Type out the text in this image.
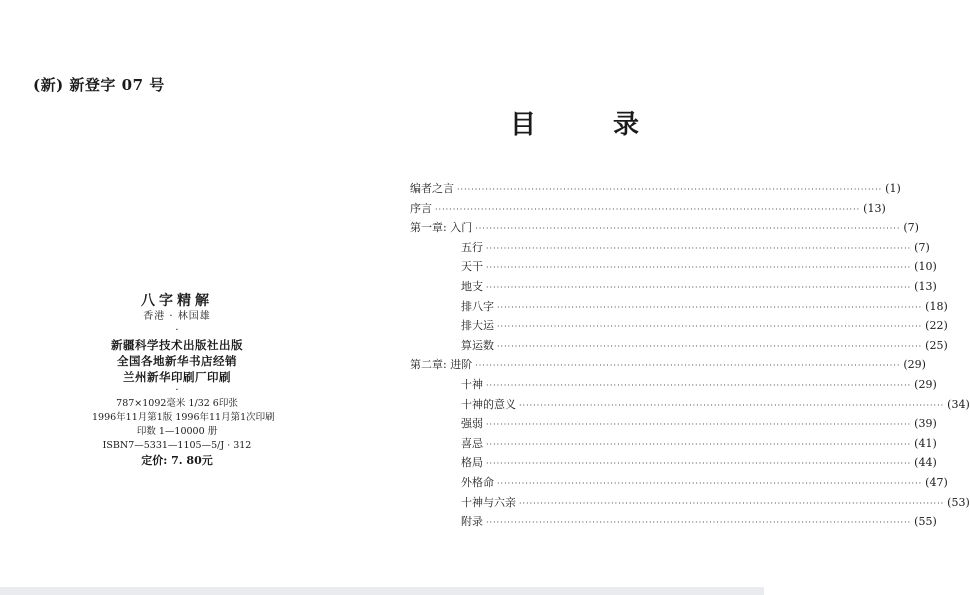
(新) 新登字 07 号
八字精解
香港 · 林国雄
·
新疆科学技术出版社出版
全国各地新华书店经销
兰州新华印刷厂印刷
·
787×1092毫米 1/32 6印张
1996年11月第1版 1996年11月第1次印刷
印数 1—10000 册
ISBN7—5331—1105—5/J · 312
定价: 7. 80元
目 录
编者之言 ························································································································ (1)
序言 ························································································································ (13)
第一章: 入门 ························································································································ (7)
五行 ························································································································ (7)
天干 ························································································································ (10)
地支 ························································································································ (13)
排八字 ························································································································ (18)
排大运 ························································································································ (22)
算运数 ························································································································ (25)
第二章: 进阶 ························································································································ (29)
十神 ························································································································ (29)
十神的意义 ························································································································ (34)
强弱 ························································································································ (39)
喜忌 ························································································································ (41)
格局 ························································································································ (44)
外格命 ························································································································ (47)
十神与六亲 ························································································································ (53)
附录 ························································································································ (55)
